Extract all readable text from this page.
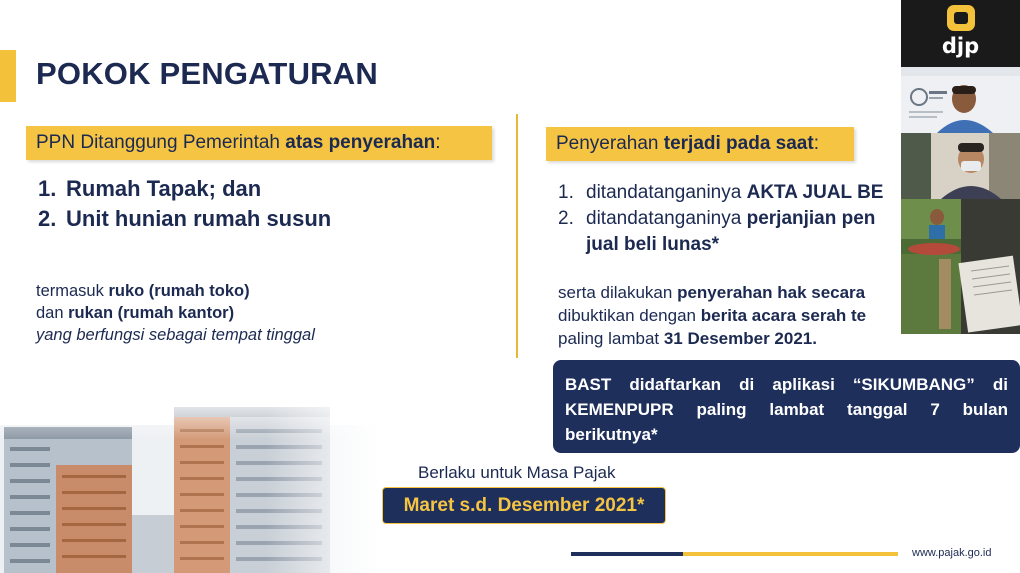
POKOK PENGATURAN
PPN Ditanggung Pemerintah atas penyerahan :
1. Rumah Tapak; dan
2. Unit hunian rumah susun
termasuk ruko (rumah toko)
dan rukan (rumah kantor)
yang berfungsi sebagai tempat tinggal
Penyerahan terjadi pada saat :
1. ditandatanganinya AKTA JUAL BE
2. ditandatanganinya perjanjian pen
jual beli lunas*
serta dilakukan penyerahan hak secara
dibuktikan dengan berita acara serah te
paling lambat 31 Desember 2021.
BAST didaftarkan di aplikasi “SIKUMBANG” di KEMENPUPR paling lambat tanggal 7 bulan berikutnya*
Berlaku untuk Masa Pajak
Maret s.d. Desember 2021*
www.pajak.go.id
djp
